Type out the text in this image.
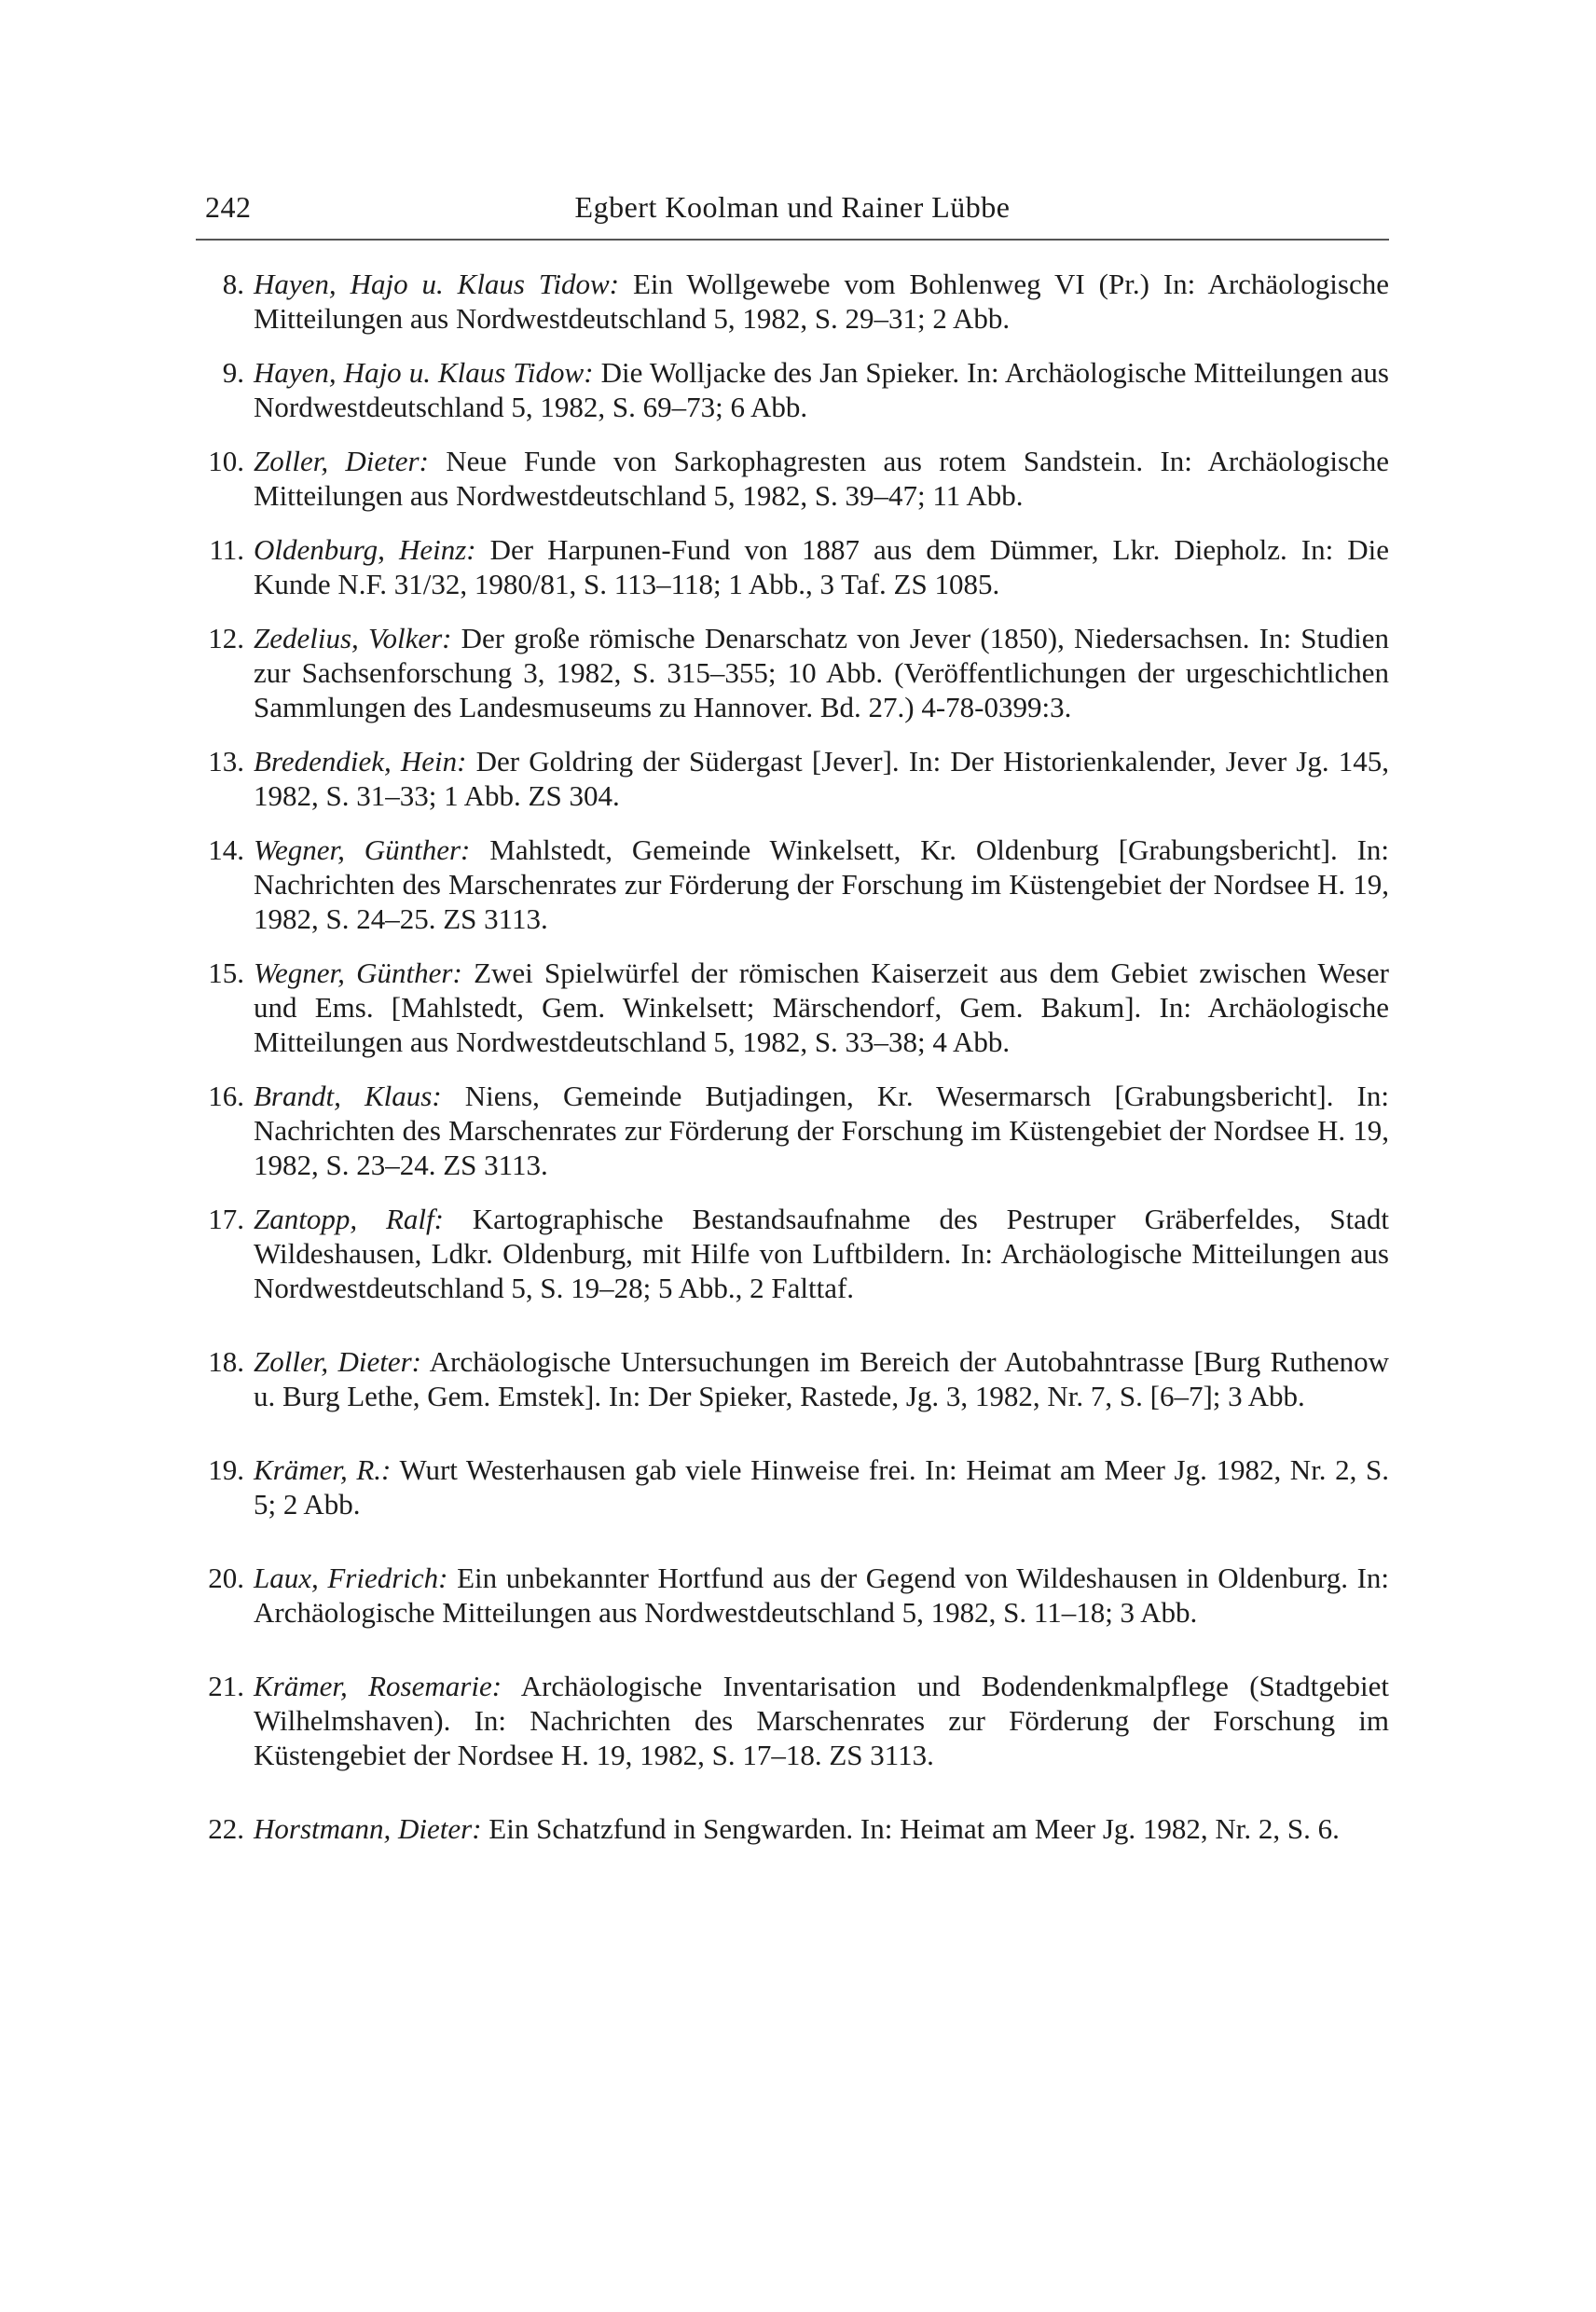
242	Egbert Koolman und Rainer Lübbe
8. Hayen, Hajo u. Klaus Tidow: Ein Wollgewebe vom Bohlenweg VI (Pr.) In: Archäologische Mitteilungen aus Nordwestdeutschland 5, 1982, S. 29–31; 2 Abb.
9. Hayen, Hajo u. Klaus Tidow: Die Wolljacke des Jan Spieker. In: Archäologische Mitteilungen aus Nordwestdeutschland 5, 1982, S. 69–73; 6 Abb.
10. Zoller, Dieter: Neue Funde von Sarkophagresten aus rotem Sandstein. In: Archäologische Mitteilungen aus Nordwestdeutschland 5, 1982, S. 39–47; 11 Abb.
11. Oldenburg, Heinz: Der Harpunen-Fund von 1887 aus dem Dümmer, Lkr. Diepholz. In: Die Kunde N.F. 31/32, 1980/81, S. 113–118; 1 Abb., 3 Taf. ZS 1085.
12. Zedelius, Volker: Der große römische Denarschatz von Jever (1850), Niedersachsen. In: Studien zur Sachsenforschung 3, 1982, S. 315–355; 10 Abb. (Veröffentlichungen der urgeschichtlichen Sammlungen des Landesmuseums zu Hannover. Bd. 27.) 4-78-0399:3.
13. Bredendiek, Hein: Der Goldring der Südergast [Jever]. In: Der Historienkalender, Jever Jg. 145, 1982, S. 31–33; 1 Abb. ZS 304.
14. Wegner, Günther: Mahlstedt, Gemeinde Winkelsett, Kr. Oldenburg [Grabungsbericht]. In: Nachrichten des Marschenrates zur Förderung der Forschung im Küstengebiet der Nordsee H. 19, 1982, S. 24–25. ZS 3113.
15. Wegner, Günther: Zwei Spielwürfel der römischen Kaiserzeit aus dem Gebiet zwischen Weser und Ems. [Mahlstedt, Gem. Winkelsett; Märschendorf, Gem. Bakum]. In: Archäologische Mitteilungen aus Nordwestdeutschland 5, 1982, S. 33–38; 4 Abb.
16. Brandt, Klaus: Niens, Gemeinde Butjadingen, Kr. Wesermarsch [Grabungsbericht]. In: Nachrichten des Marschenrates zur Förderung der Forschung im Küstengebiet der Nordsee H. 19, 1982, S. 23–24. ZS 3113.
17. Zantopp, Ralf: Kartographische Bestandsaufnahme des Pestruper Gräberfeldes, Stadt Wildeshausen, Ldkr. Oldenburg, mit Hilfe von Luftbildern. In: Archäologische Mitteilungen aus Nordwestdeutschland 5, S. 19–28; 5 Abb., 2 Falttaf.
18. Zoller, Dieter: Archäologische Untersuchungen im Bereich der Autobahntrasse [Burg Ruthenow u. Burg Lethe, Gem. Emstek]. In: Der Spieker, Rastede, Jg. 3, 1982, Nr. 7, S. [6–7]; 3 Abb.
19. Krämer, R.: Wurt Westerhausen gab viele Hinweise frei. In: Heimat am Meer Jg. 1982, Nr. 2, S. 5; 2 Abb.
20. Laux, Friedrich: Ein unbekannter Hortfund aus der Gegend von Wildeshausen in Oldenburg. In: Archäologische Mitteilungen aus Nordwestdeutschland 5, 1982, S. 11–18; 3 Abb.
21. Krämer, Rosemarie: Archäologische Inventarisation und Bodendenkmalpflege (Stadtgebiet Wilhelmshaven). In: Nachrichten des Marschenrates zur Förderung der Forschung im Küstengebiet der Nordsee H. 19, 1982, S. 17–18. ZS 3113.
22. Horstmann, Dieter: Ein Schatzfund in Sengwarden. In: Heimat am Meer Jg. 1982, Nr. 2, S. 6.
